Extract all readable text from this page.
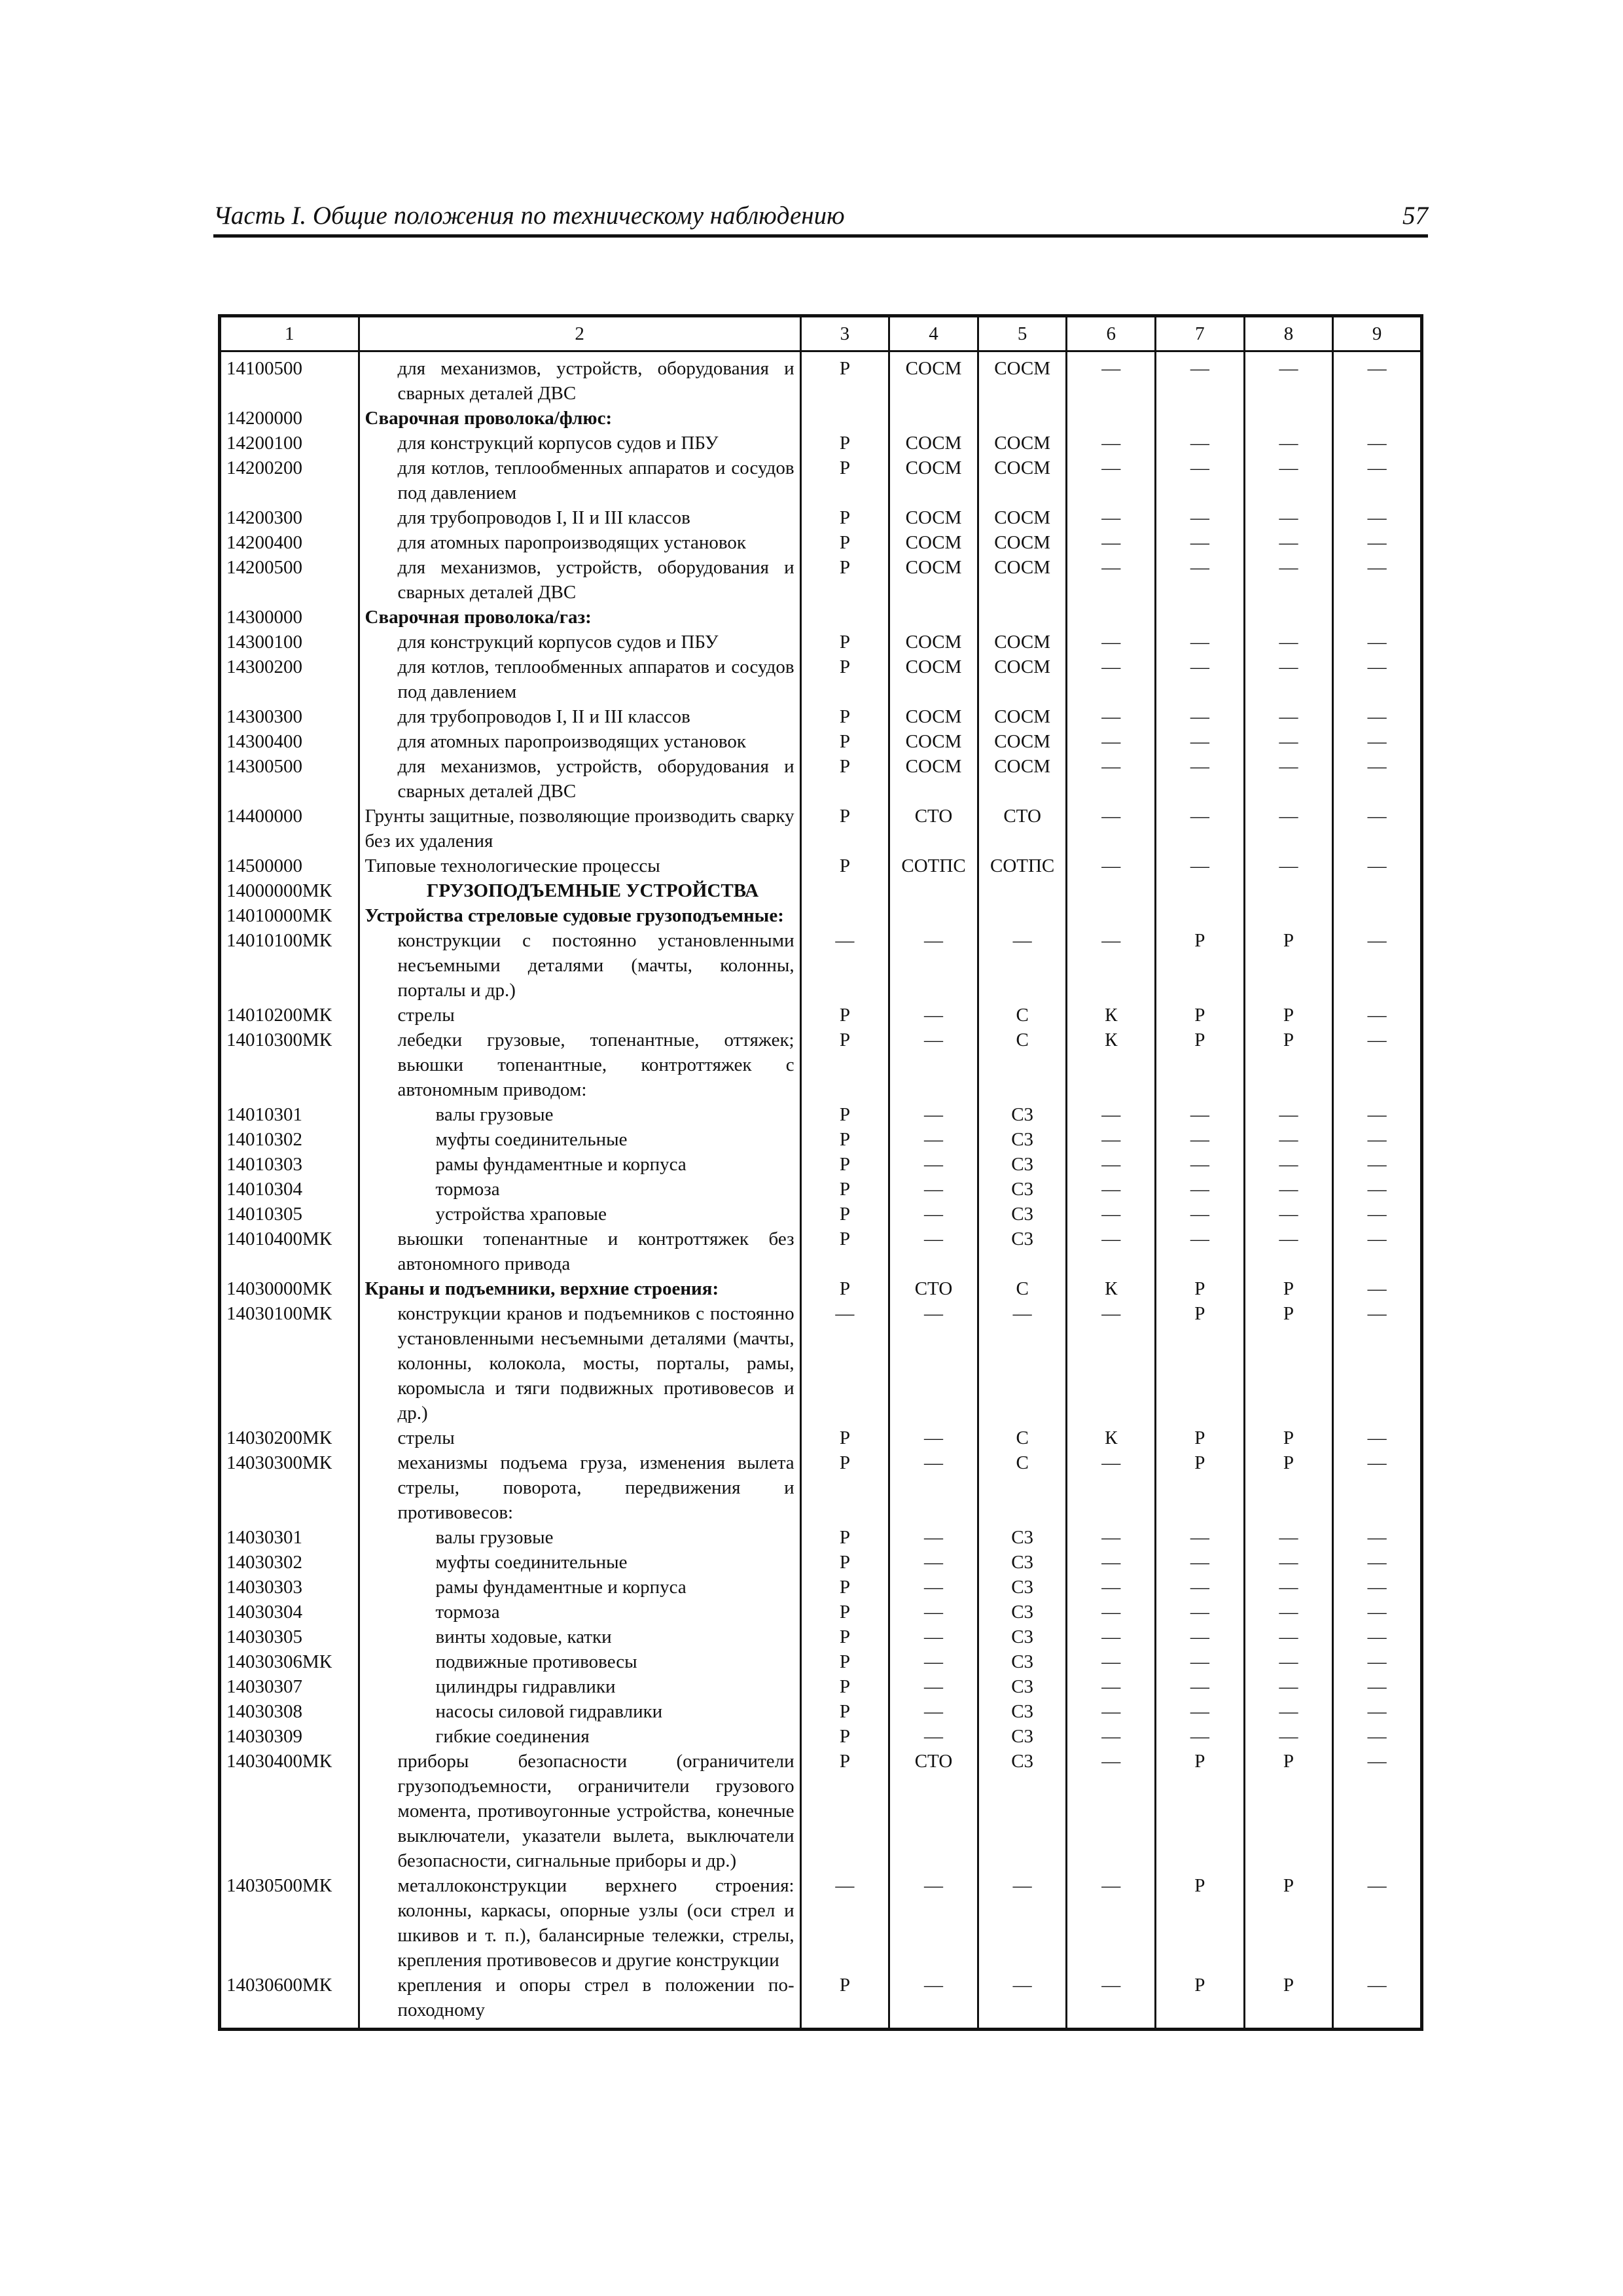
Часть I. Общие положения по техническому наблюдению	57
1	2	3	4	5	6	7	8	9
14100500	для механизмов, устройств, оборудования и сварных деталей ДВС	Р	СОСМ	СОСМ	—	—	—	—
14200000	Сварочная проволока/флюс:							

14200100	для конструкций корпусов судов и ПБУ	Р	СОСМ	СОСМ	—	—	—	—
14200200	для котлов, теплообменных аппаратов и сосудов под давлением	Р	СОСМ	СОСМ	—	—	—	—
14200300	для трубопроводов I, II и III классов	Р	СОСМ	СОСМ	—	—	—	—
14200400	для атомных паропроизводящих установок	Р	СОСМ	СОСМ	—	—	—	—
14200500	для механизмов, устройств, оборудования и сварных деталей ДВС	Р	СОСМ	СОСМ	—	—	—	—
14300000	Сварочная проволока/газ:							

14300100	для конструкций корпусов судов и ПБУ	Р	СОСМ	СОСМ	—	—	—	—
14300200	для котлов, теплообменных аппаратов и сосудов под давлением	Р	СОСМ	СОСМ	—	—	—	—
14300300	для трубопроводов I, II и III классов	Р	СОСМ	СОСМ	—	—	—	—
14300400	для атомных паропроизводящих установок	Р	СОСМ	СОСМ	—	—	—	—
14300500	для механизмов, устройств, оборудования и сварных деталей ДВС	Р	СОСМ	СОСМ	—	—	—	—
14400000	Грунты защитные, позволяющие производить сварку без их удаления	Р	СТО	СТО	—	—	—	—
14500000	Типовые технологические процессы	Р	СОТПС	СОТПС	—	—	—	—
14000000МК	ГРУЗОПОДЪЕМНЫЕ УСТРОЙСТВА							

14010000МК	Устройства стреловые судовые грузоподъемные:							

14010100МК	конструкции с постоянно установленными несъемными деталями (мачты, колонны, порталы и др.)	—	—	—	—	Р	Р	—
14010200МК	стрелы	Р	—	С	К	Р	Р	—
14010300МК	лебедки грузовые, топенантные, оттяжек; вьюшки топенантные, контроттяжек с автономным приводом:	Р	—	С	К	Р	Р	—
14010301	валы грузовые	Р	—	С3	—	—	—	—
14010302	муфты соединительные	Р	—	С3	—	—	—	—
14010303	рамы фундаментные и корпуса	Р	—	С3	—	—	—	—
14010304	тормоза	Р	—	С3	—	—	—	—
14010305	устройства храповые	Р	—	С3	—	—	—	—
14010400МК	вьюшки топенантные и контроттяжек без автономного привода	Р	—	С3	—	—	—	—
14030000МК	Краны и подъемники, верхние строения:	Р	СТО	С	К	Р	Р	—
14030100МК	конструкции кранов и подъемников с постоянно установленными несъемными деталями (мачты, колонны, колокола, мосты, порталы, рамы, коромысла и тяги подвижных противовесов и др.)	—	—	—	—	Р	Р	—
14030200МК	стрелы	Р	—	С	К	Р	Р	—
14030300МК	механизмы подъема груза, изменения вылета стрелы, поворота, передвижения и противовесов:	Р	—	С	—	Р	Р	—
14030301	валы грузовые	Р	—	С3	—	—	—	—
14030302	муфты соединительные	Р	—	С3	—	—	—	—
14030303	рамы фундаментные и корпуса	Р	—	С3	—	—	—	—
14030304	тормоза	Р	—	С3	—	—	—	—
14030305	винты ходовые, катки	Р	—	С3	—	—	—	—
14030306МК	подвижные противовесы	Р	—	С3	—	—	—	—
14030307	цилиндры гидравлики	Р	—	С3	—	—	—	—
14030308	насосы силовой гидравлики	Р	—	С3	—	—	—	—
14030309	гибкие соединения	Р	—	С3	—	—	—	—
14030400МК	приборы безопасности (ограничители грузоподъемности, ограничители грузового момента, противоугонные устройства, конечные выключатели, указатели вылета, выключатели безопасности, сигнальные приборы и др.)	Р	СТО	С3	—	Р	Р	—
14030500МК	металлоконструкции верхнего строения: колонны, каркасы, опорные узлы (оси стрел и шкивов и т. п.), балансирные тележки, стрелы, крепления противовесов и другие конструкции	—	—	—	—	Р	Р	—
14030600МК	крепления и опоры стрел в положении по-походному	Р	—	—	—	Р	Р	—
